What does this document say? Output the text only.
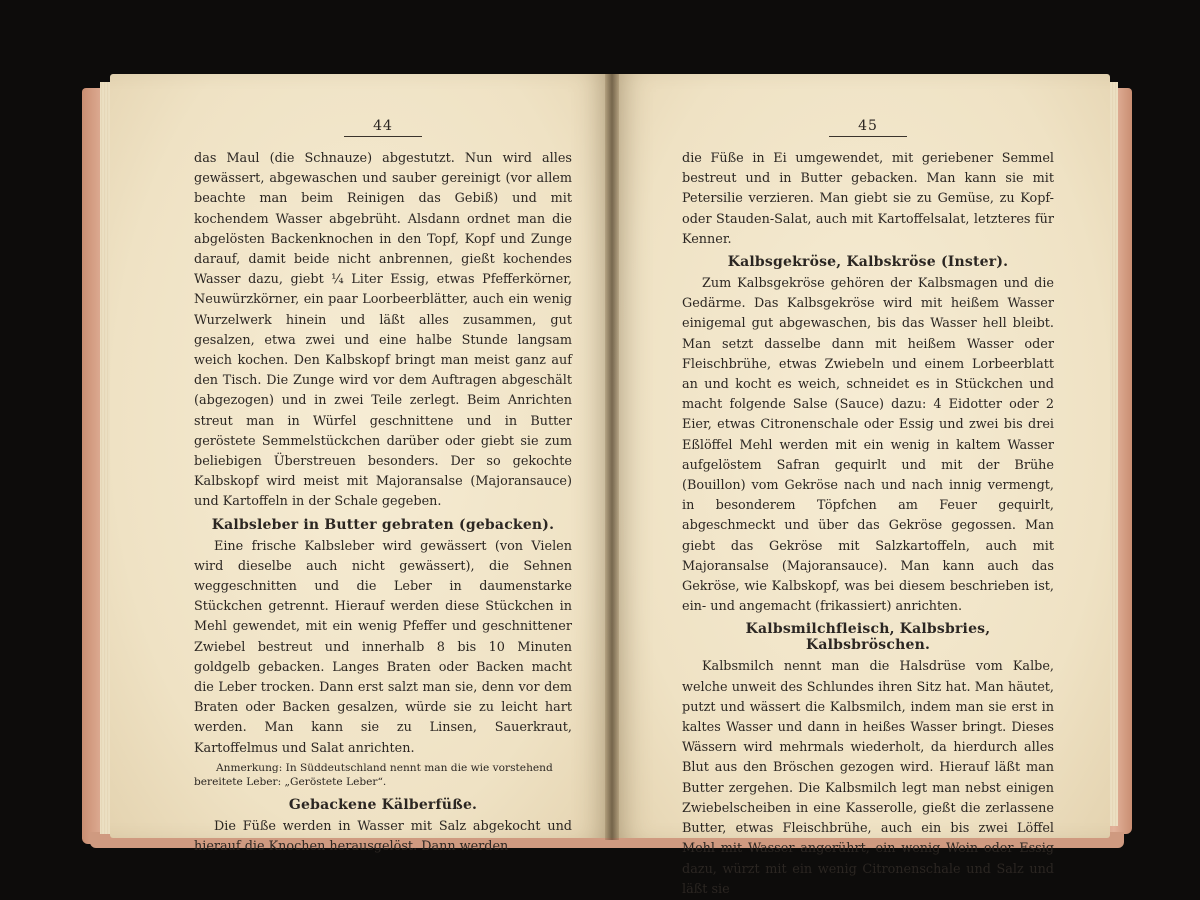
44

das Maul (die Schnauze) abgestutzt. Nun wird alles gewässert, abgewaschen und sauber gereinigt (vor allem beachte man beim Reinigen das Gebiß) und mit kochendem Wasser abgebrüht. Alsdann ordnet man die abgelösten Backenknochen in den Topf, Kopf und Zunge darauf, damit beide nicht anbrennen, gießt kochendes Wasser dazu, giebt ¼ Liter Essig, etwas Pfefferkörner, Neuwürzkörner, ein paar Loorbeerblätter, auch ein wenig Wurzelwerk hinein und läßt alles zusammen, gut gesalzen, etwa zwei und eine halbe Stunde langsam weich kochen. Den Kalbskopf bringt man meist ganz auf den Tisch. Die Zunge wird vor dem Auftragen abgeschält (abgezogen) und in zwei Teile zerlegt. Beim Anrichten streut man in Würfel geschnittene und in Butter geröstete Semmelstückchen darüber oder giebt sie zum beliebigen Überstreuen besonders. Der so gekochte Kalbskopf wird meist mit Majoransalse (Majoransauce) und Kartoffeln in der Schale gegeben.

Kalbsleber in Butter gebraten (gebacken).

Eine frische Kalbsleber wird gewässert (von Vielen wird dieselbe auch nicht gewässert), die Sehnen weggeschnitten und die Leber in daumenstarke Stückchen getrennt. Hierauf werden diese Stückchen in Mehl gewendet, mit ein wenig Pfeffer und geschnittener Zwiebel bestreut und innerhalb 8 bis 10 Minuten goldgelb gebacken. Langes Braten oder Backen macht die Leber trocken. Dann erst salzt man sie, denn vor dem Braten oder Backen gesalzen, würde sie zu leicht hart werden. Man kann sie zu Linsen, Sauerkraut, Kartoffelmus und Salat anrichten.

Anmerkung: In Süddeutschland nennt man die wie vorstehend bereitete Leber: „Geröstete Leber“.
Gebackene Kälberfüße.

Die Füße werden in Wasser mit Salz abgekocht und hierauf die Knochen herausgelöst. Dann werden

45

die Füße in Ei umgewendet, mit geriebener Semmel bestreut und in Butter gebacken. Man kann sie mit Petersilie verzieren. Man giebt sie zu Gemüse, zu Kopf- oder Stauden-Salat, auch mit Kartoffelsalat, letzteres für Kenner.

Kalbsgekröse, Kalbskröse (Inster).

Zum Kalbsgekröse gehören der Kalbsmagen und die Gedärme. Das Kalbsgekröse wird mit heißem Wasser einigemal gut abgewaschen, bis das Wasser hell bleibt. Man setzt dasselbe dann mit heißem Wasser oder Fleischbrühe, etwas Zwiebeln und einem Lorbeerblatt an und kocht es weich, schneidet es in Stückchen und macht folgende Salse (Sauce) dazu: 4 Eidotter oder 2 Eier, etwas Citronenschale oder Essig und zwei bis drei Eßlöffel Mehl werden mit ein wenig in kaltem Wasser aufgelöstem Safran gequirlt und mit der Brühe (Bouillon) vom Gekröse nach und nach innig vermengt, in besonderem Töpfchen am Feuer gequirlt, abgeschmeckt und über das Gekröse gegossen. Man giebt das Gekröse mit Salzkartoffeln, auch mit Majoransalse (Majoransauce). Man kann auch das Gekröse, wie Kalbskopf, was bei diesem beschrieben ist, ein- und angemacht (frikassiert) anrichten.

Kalbsmilchfleisch, Kalbsbries, Kalbsbröschen.

Kalbsmilch nennt man die Halsdrüse vom Kalbe, welche unweit des Schlundes ihren Sitz hat. Man häutet, putzt und wässert die Kalbsmilch, indem man sie erst in kaltes Wasser und dann in heißes Wasser bringt. Dieses Wässern wird mehrmals wiederholt, da hierdurch alles Blut aus den Bröschen gezogen wird. Hierauf läßt man Butter zergehen. Die Kalbsmilch legt man nebst einigen Zwiebelscheiben in eine Kasserolle, gießt die zerlassene Butter, etwas Fleischbrühe, auch ein bis zwei Löffel Mehl mit Wasser angerührt, ein wenig Wein oder Essig dazu, würzt mit ein wenig Citronenschale und Salz und läßt sie
